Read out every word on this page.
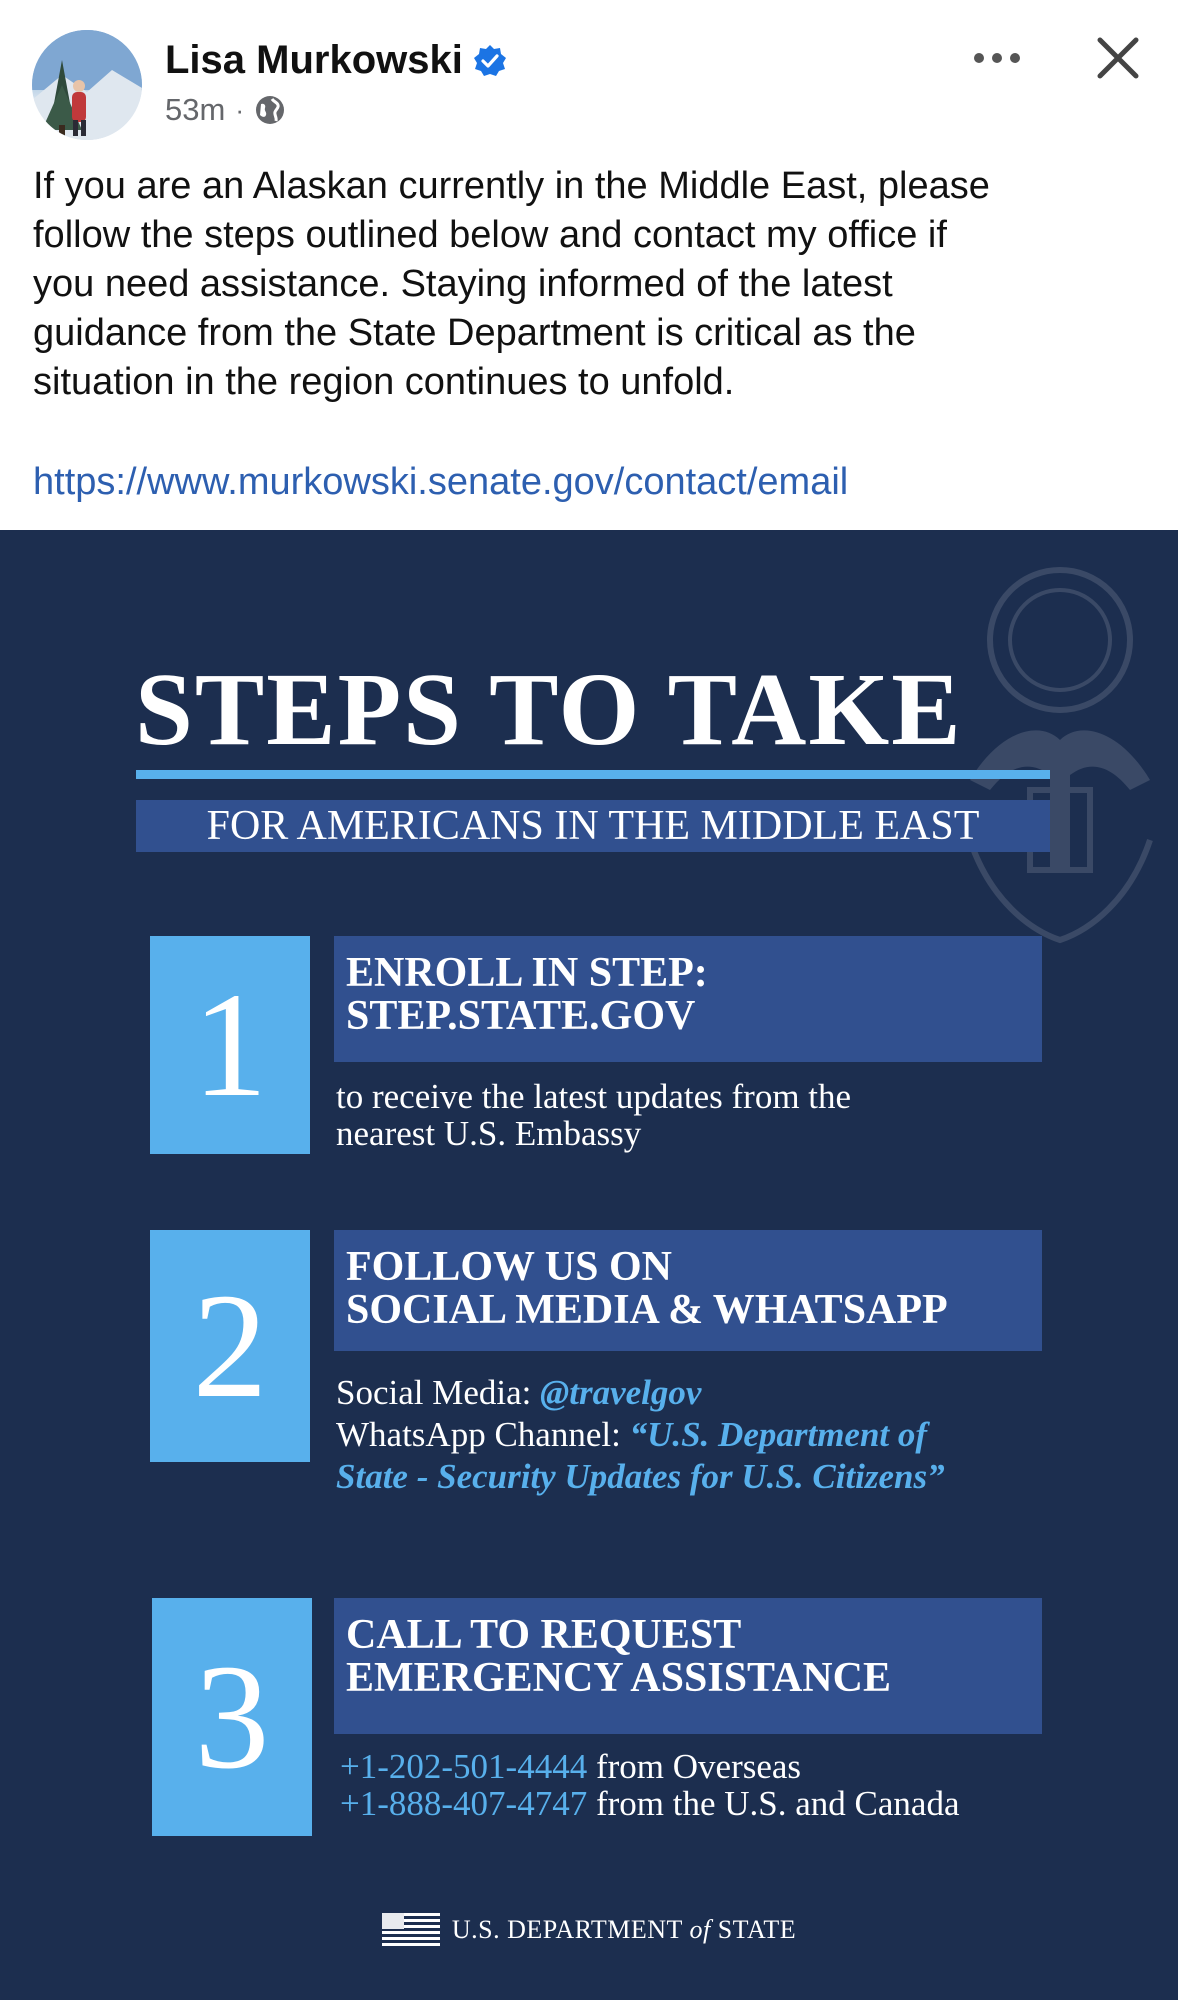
Lisa Murkowski
53m ·
If you are an Alaskan currently in the Middle East, please
follow the steps outlined below and contact my office if
you need assistance. Staying informed of the latest
guidance from the State Department is critical as the
situation in the region continues to unfold.
https://www.murkowski.senate.gov/contact/email
STEPS TO TAKE
FOR AMERICANS IN THE MIDDLE EAST
1	ENROLL IN STEP:
STEP.STATE.GOV
to receive the latest updates from the
nearest U.S. Embassy
2	FOLLOW US ON
SOCIAL MEDIA & WHATSAPP
Social Media: @travelgov
WhatsApp Channel: “U.S. Department of
State - Security Updates for U.S. Citizens”
3	CALL TO REQUEST
EMERGENCY ASSISTANCE
+1-202-501-4444 from Overseas
+1-888-407-4747 from the U.S. and Canada
U.S. DEPARTMENT of STATE
